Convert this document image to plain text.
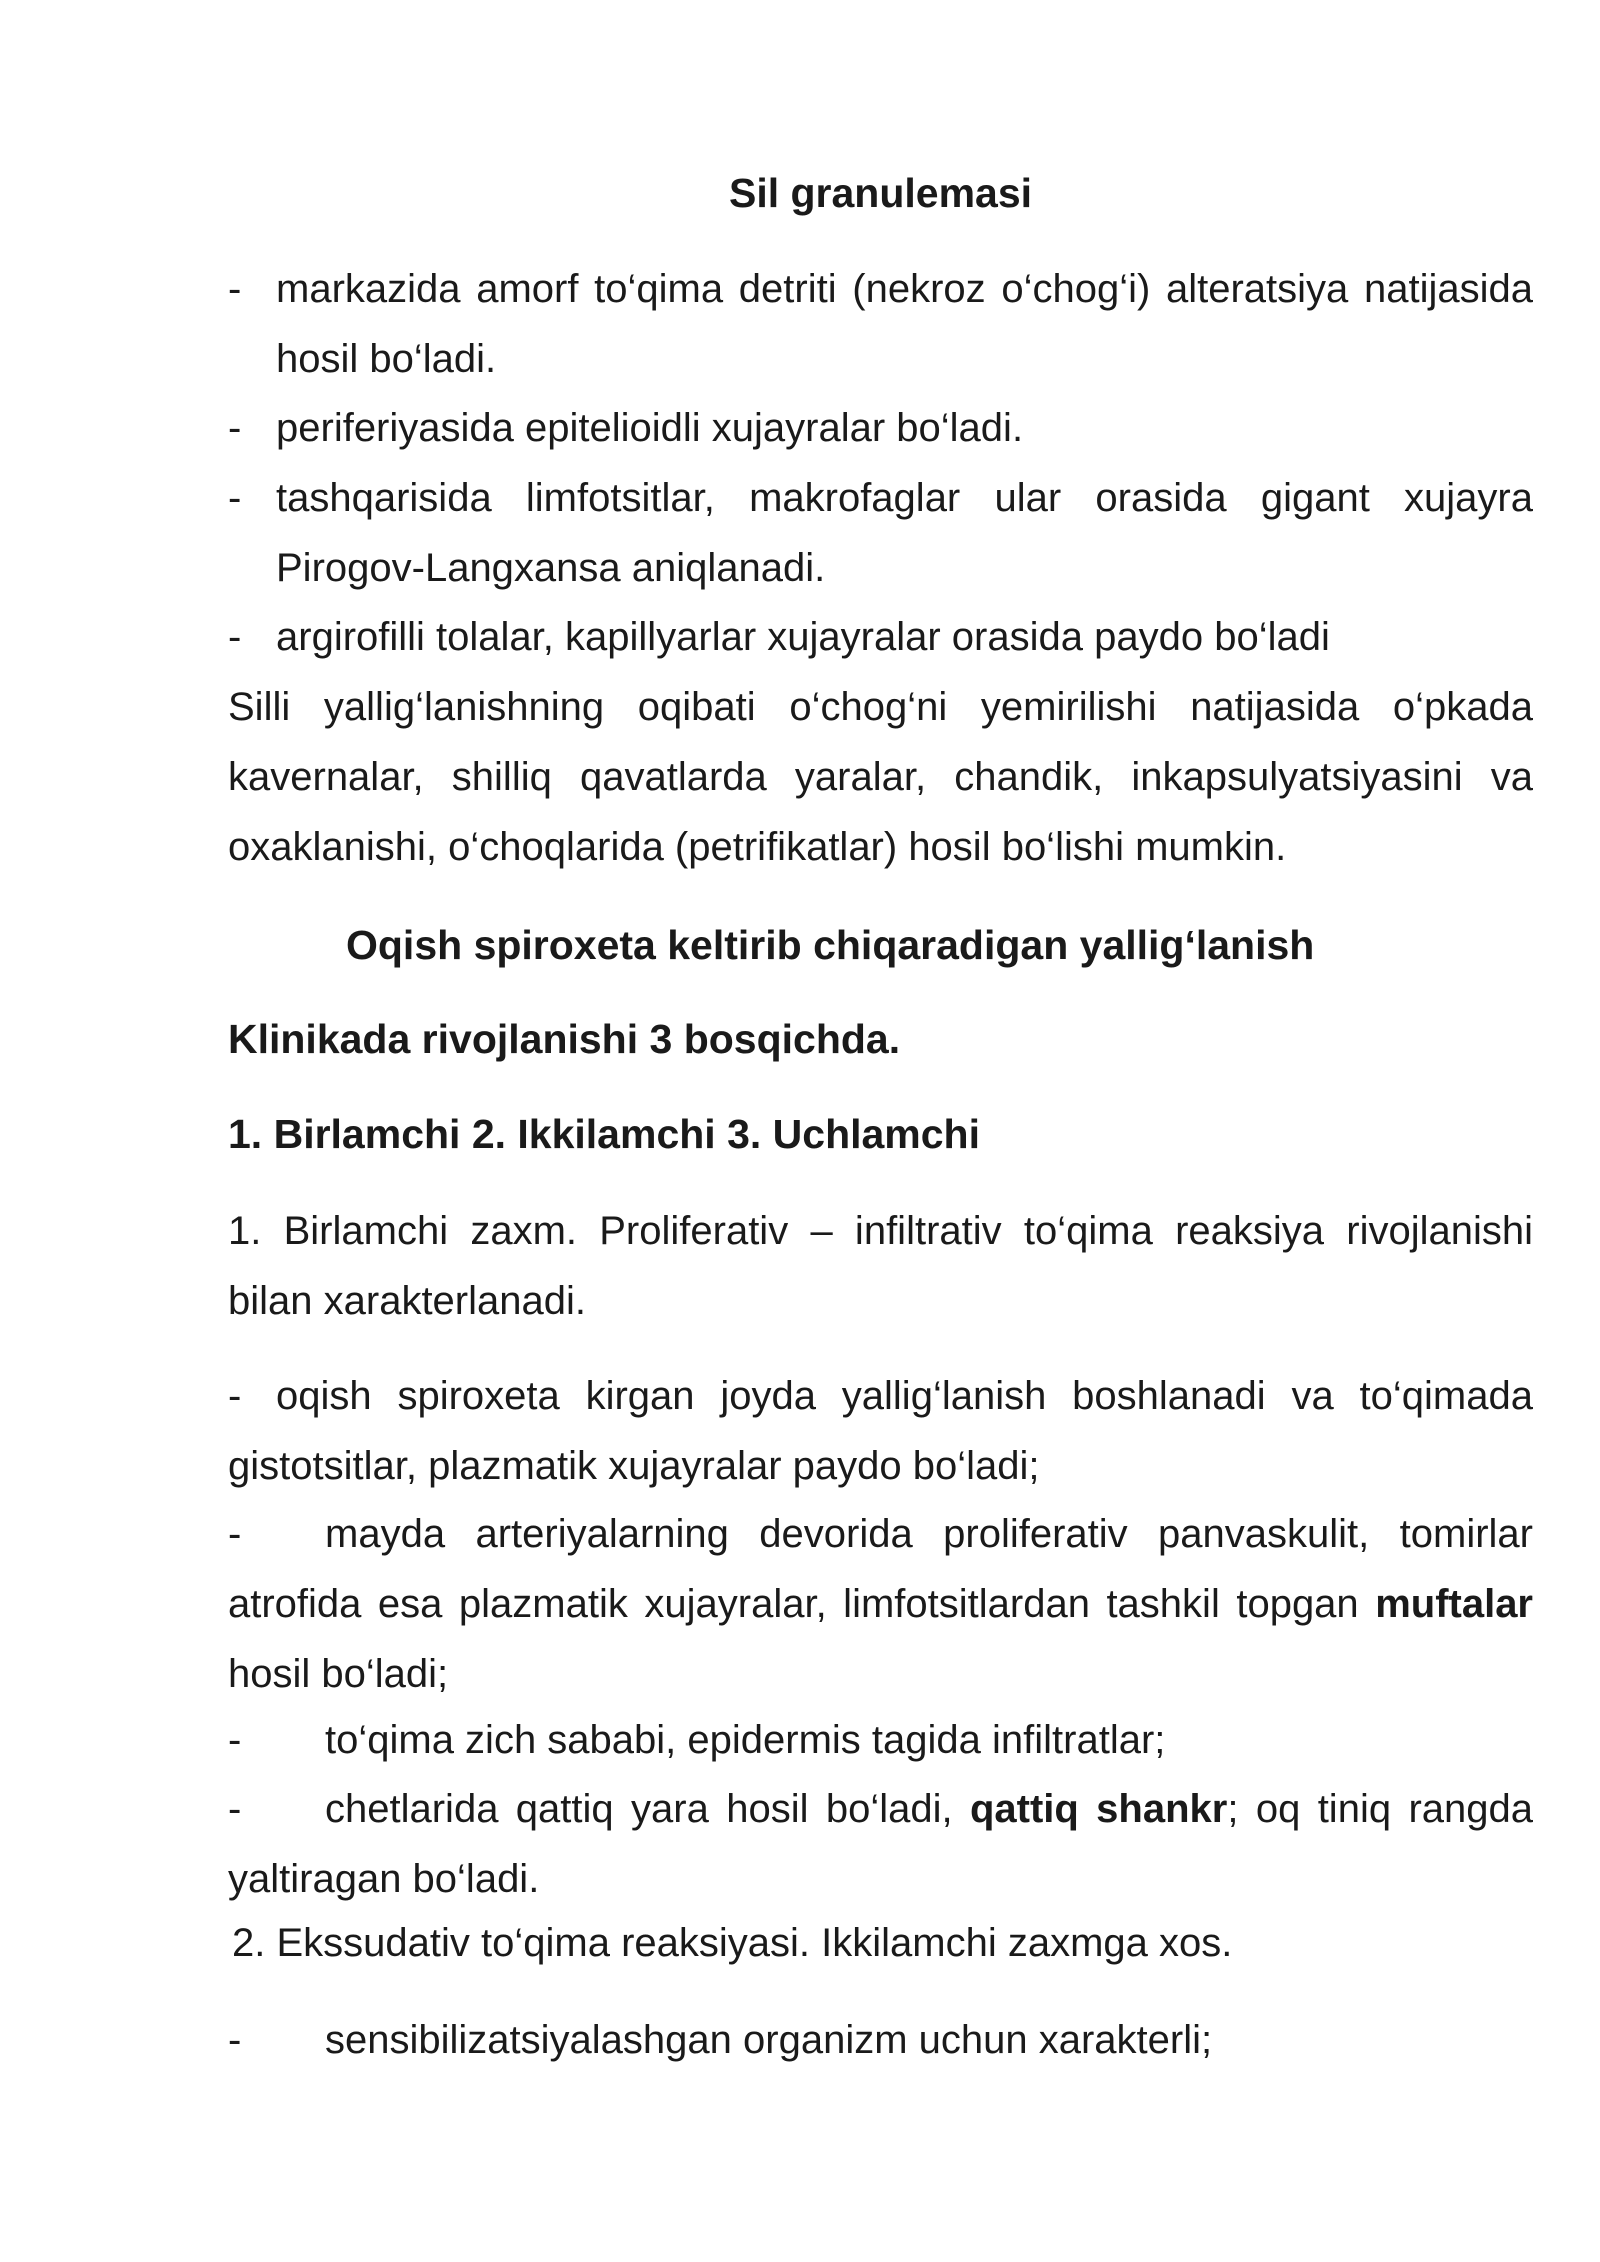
Sil granulemasi
- markazida amorf to‘qima detriti (nekroz o‘chog‘i) alteratsiya natijasida hosil bo‘ladi.
- periferiyasida epitelioidli xujayralar bo‘ladi.
- tashqarisida limfotsitlar, makrofaglar ular orasida gigant xujayra Pirogov-Langxansa aniqlanadi.
- argirofilli tolalar, kapillyarlar xujayralar orasida paydo bo‘ladi

Silli yallig‘lanishning oqibati o‘chog‘ni yemirilishi natijasida o‘pkada kavernalar, shilliq qavatlarda yaralar, chandik, inkapsulyatsiyasini va oxaklanishi, o‘choqlarida (petrifikatlar) hosil bo‘lishi mumkin.

Oqish spiroxeta keltirib chiqaradigan yallig‘lanish
Klinikada rivojlanishi 3 bosqichda.
1. Birlamchi 2. Ikkilamchi 3. Uchlamchi

1. Birlamchi zaxm. Proliferativ – infiltrativ to‘qima reaksiya rivojlanishi bilan xarakterlanadi.

- oqish spiroxeta kirgan joyda yallig‘lanish boshlanadi va to‘qimada gistotsitlar, plazmatik xujayralar paydo bo‘ladi;
-	mayda arteriyalarning devorida proliferativ panvaskulit, tomirlar atrofida esa plazmatik xujayralar, limfotsitlardan tashkil topgan muftalar hosil bo‘ladi;
-	to‘qima zich sababi, epidermis tagida infiltratlar;
-	chetlarida qattiq yara hosil bo‘ladi, qattiq shankr; oq tiniq rangda yaltiragan bo‘ladi.

2. Ekssudativ to‘qima reaksiyasi. Ikkilamchi zaxmga xos.

-	sensibilizatsiyalashgan organizm uchun xarakterli;
